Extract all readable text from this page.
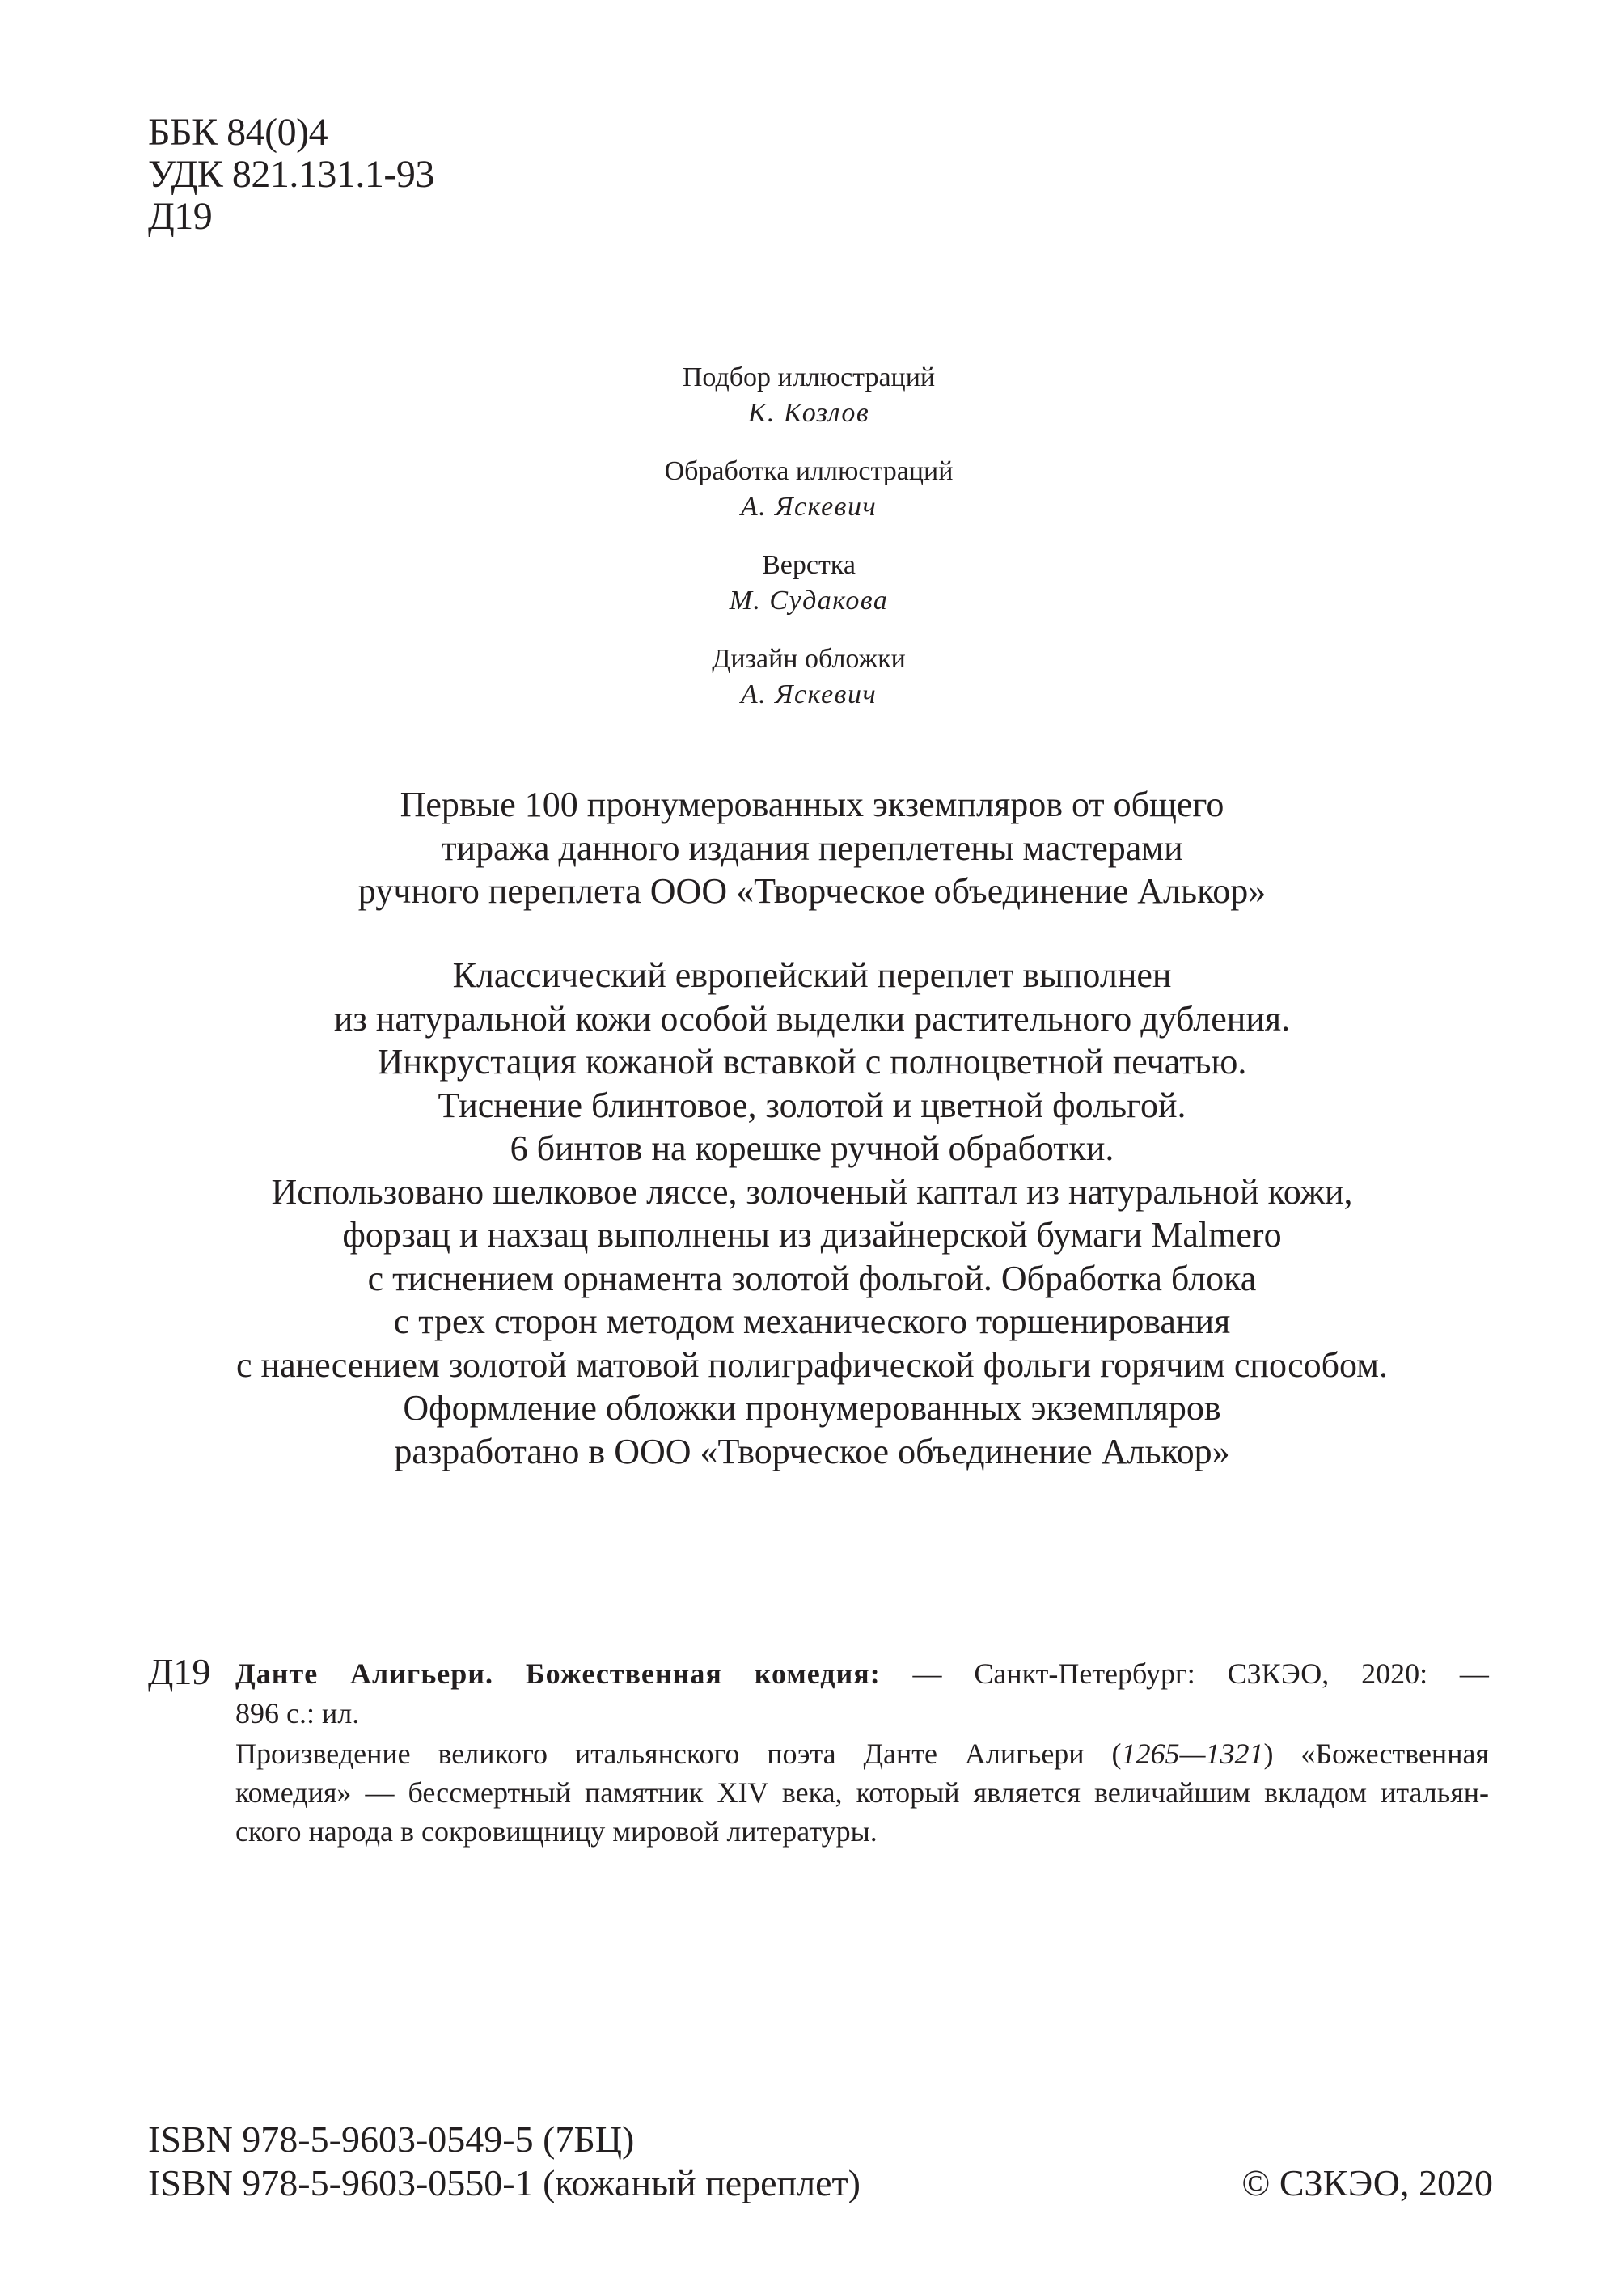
ББК 84(0)4
УДК 821.131.1-93
Д19
Подбор иллюстраций
К. Козлов
Обработка иллюстраций
А. Яскевич
Верстка
М. Судакова
Дизайн обложки
А. Яскевич
Первые 100 пронумерованных экземпляров от общего
тиража данного издания переплетены мастерами
ручного переплета ООО «Творческое объединение Алькор»
Классический европейский переплет выполнен
из натуральной кожи особой выделки растительного дубления.
Инкрустация кожаной вставкой с полноцветной печатью.
Тиснение блинтовое, золотой и цветной фольгой.
6 бинтов на корешке ручной обработки.
Использовано шелковое ляссе, золоченый каптал из натуральной кожи,
форзац и нахзац выполнены из дизайнерской бумаги Malmero
с тиснением орнамента золотой фольгой. Обработка блока
с трех сторон методом механического торшенирования
с нанесением золотой матовой полиграфической фольги горячим способом.
Оформление обложки пронумерованных экземпляров
разработано в ООО «Творческое объединение Алькор»
Д19 Данте Алигьери. Божественная комедия: — Санкт-Петербург: СЗКЭО, 2020: —
896 с.: ил.
Произведение великого итальянского поэта Данте Алигьери (1265—1321) «Божественная
комедия» — бессмертный памятник XIV века, который является величайшим вкладом итальян-
ского народа в сокровищницу мировой литературы.
ISBN 978-5-9603-0549-5 (7БЦ)
ISBN 978-5-9603-0550-1 (кожаный переплет)	© СЗКЭО, 2020
